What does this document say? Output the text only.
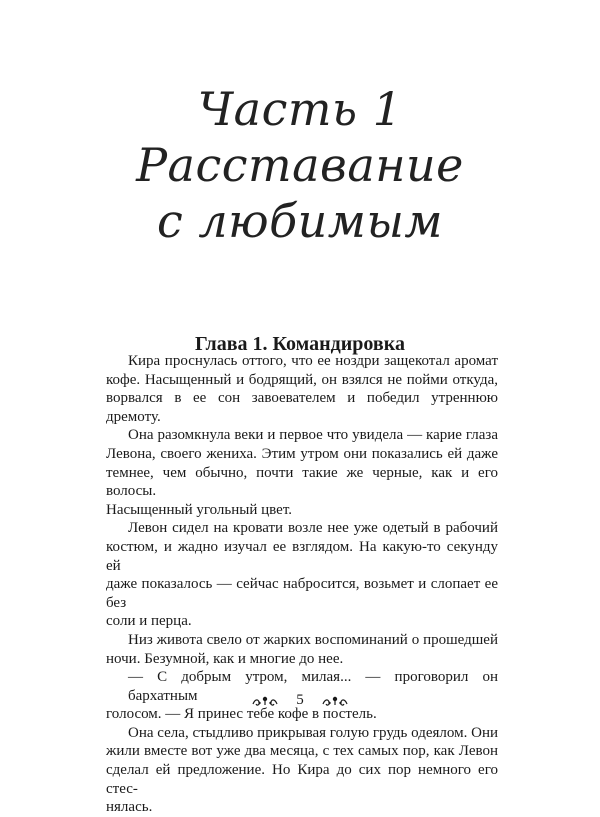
Часть 1
Расставание
с любимым
Глава 1. Командировка
Кира проснулась оттого, что ее ноздри защекотал аромат
кофе. Насыщенный и бодрящий, он взялся не пойми откуда,
ворвался в ее сон завоевателем и победил утреннюю дремоту.
Она разомкнула веки и первое что увидела — карие глаза
Левона, своего жениха. Этим утром они показались ей даже
темнее, чем обычно, почти такие же черные, как и его волосы.
Насыщенный угольный цвет.
Левон сидел на кровати возле нее уже одетый в рабочий
костюм, и жадно изучал ее взглядом. На какую-то секунду ей
даже показалось — сейчас набросится, возьмет и слопает ее без
соли и перца.
Низ живота свело от жарких воспоминаний о прошедшей
ночи. Безумной, как и многие до нее.
— С добрым утром, милая... — проговорил он бархатным
голосом. — Я принес тебе кофе в постель.
Она села, стыдливо прикрывая голую грудь одеялом. Они
жили вместе вот уже два месяца, с тех самых пор, как Левон
сделал ей предложение. Но Кира до сих пор немного его стес-
нялась.
5
